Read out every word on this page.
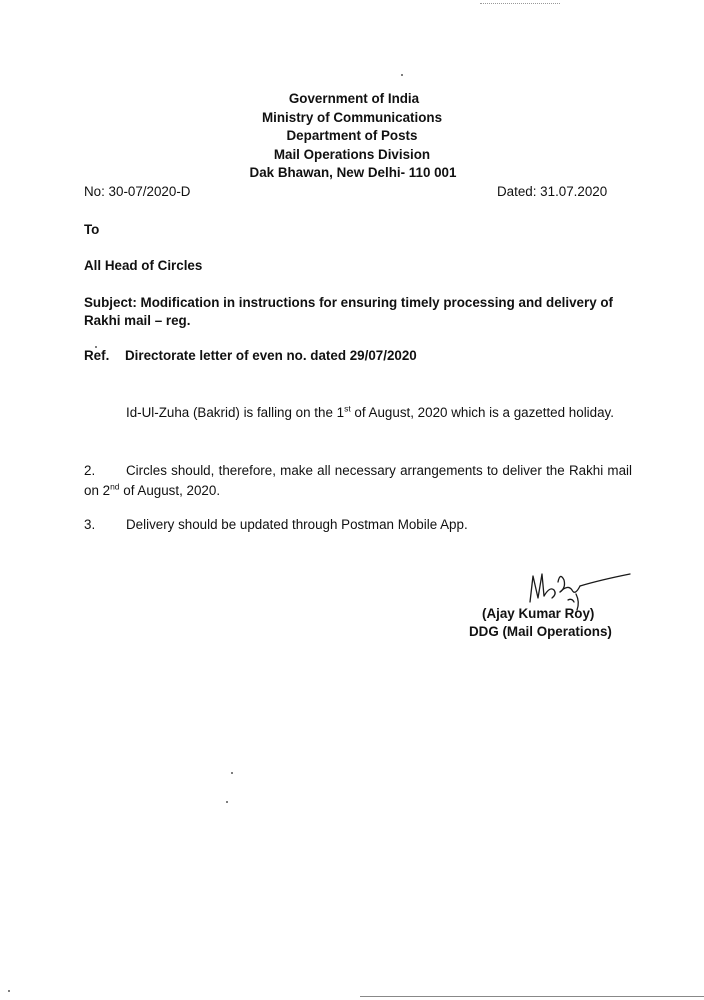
Government of India
Ministry of Communications
Department of Posts
Mail Operations Division
Dak Bhawan, New Delhi- 110 001
No: 30-07/2020-D	Dated: 31.07.2020
To
All Head of Circles
Subject: Modification in instructions for ensuring timely processing and delivery of Rakhi mail – reg.
Ref. Directorate letter of even no. dated 29/07/2020
Id-Ul-Zuha (Bakrid) is falling on the 1st of August, 2020 which is a gazetted holiday.
2. Circles should, therefore, make all necessary arrangements to deliver the Rakhi mail on 2nd of August, 2020.
3. Delivery should be updated through Postman Mobile App.
(Ajay Kumar Roy)
DDG (Mail Operations)
